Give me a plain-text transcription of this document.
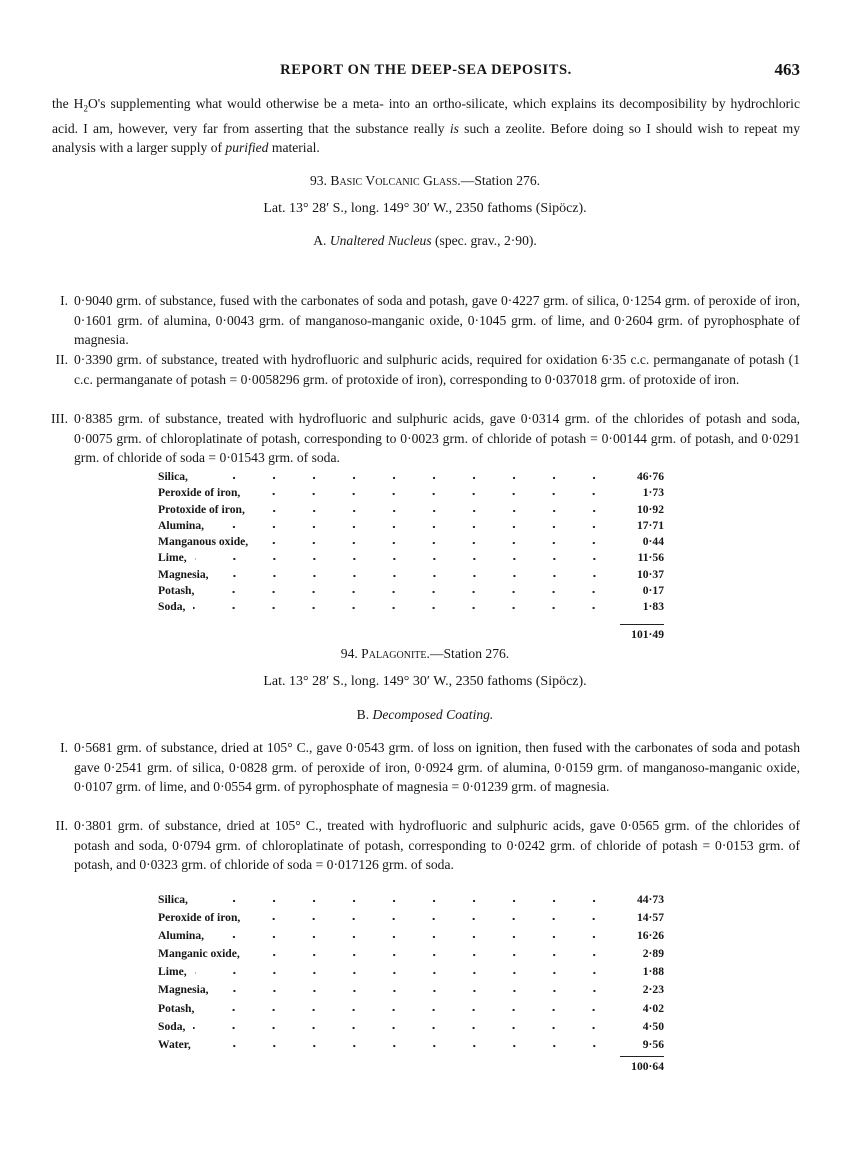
REPORT ON THE DEEP-SEA DEPOSITS.	463

the $H_2O's$ supplementing what would otherwise be a meta- into an ortho-silicate, which explains its decomposibility by hydrochloric acid. I am, however, very far from asserting that the substance really is such a zeolite. Before doing so I should wish to repeat my analysis with a larger supply of purified material.

93. Basic Volcanic Glass.—Station 276.
Lat. 13° 28′ S., long. 149° 30′ W., 2350 fathoms (Sipöcz).
A. Unaltered Nucleus (spec. grav., 2·90).
I. 0·9040 grm. of substance, fused with the carbonates of soda and potash, gave 0·4227 grm. of silica, 0·1254 grm. of peroxide of iron, 0·1601 grm. of alumina, 0·0043 grm. of manganoso-manganic oxide, 0·1045 grm. of lime, and 0·2604 grm. of pyrophosphate of magnesia.
II. 0·3390 grm. of substance, treated with hydrofluoric and sulphuric acids, required for oxidation 6·35 c.c. permanganate of potash (1 c.c. permanganate of potash = 0·0058296 grm. of protoxide of iron), corresponding to 0·037018 grm. of protoxide of iron.
III. 0·8385 grm. of substance, treated with hydrofluoric and sulphuric acids, gave 0·0314 grm. of the chlorides of potash and soda, 0·0075 grm. of chloroplatinate of potash, corresponding to 0·0023 grm. of chloride of potash = 0·00144 grm. of potash, and 0·0291 grm. of chloride of soda = 0·01543 grm. of soda.
Silica,	46·76
Peroxide of iron,	1·73
Protoxide of iron,	10·92
Alumina,	17·71
Manganous oxide,	0·44
Lime,	11·56
Magnesia,	10·37
Potash,	0·17
Soda,	1·83
101·49
94. Palagonite.—Station 276.
Lat. 13° 28′ S., long. 149° 30′ W., 2350 fathoms (Sipöcz).
B. Decomposed Coating.
I. 0·5681 grm. of substance, dried at 105° C., gave 0·0543 grm. of loss on ignition, then fused with the carbonates of soda and potash gave 0·2541 grm. of silica, 0·0828 grm. of peroxide of iron, 0·0924 grm. of alumina, 0·0159 grm. of manganoso-manganic oxide, 0·0107 grm. of lime, and 0·0554 grm. of pyrophosphate of magnesia = 0·01239 grm. of magnesia.
II. 0·3801 grm. of substance, dried at 105° C., treated with hydrofluoric and sulphuric acids, gave 0·0565 grm. of the chlorides of potash and soda, 0·0794 grm. of chloroplatinate of potash, corresponding to 0·0242 grm. of chloride of potash = 0·0153 grm. of potash, and 0·0323 grm. of chloride of soda = 0·017126 grm. of soda.
Silica,	44·73
Peroxide of iron,	14·57
Alumina,	16·26
Manganic oxide,	2·89
Lime,	1·88
Magnesia,	2·23
Potash,	4·02
Soda,	4·50
Water,	9·56
100·64
